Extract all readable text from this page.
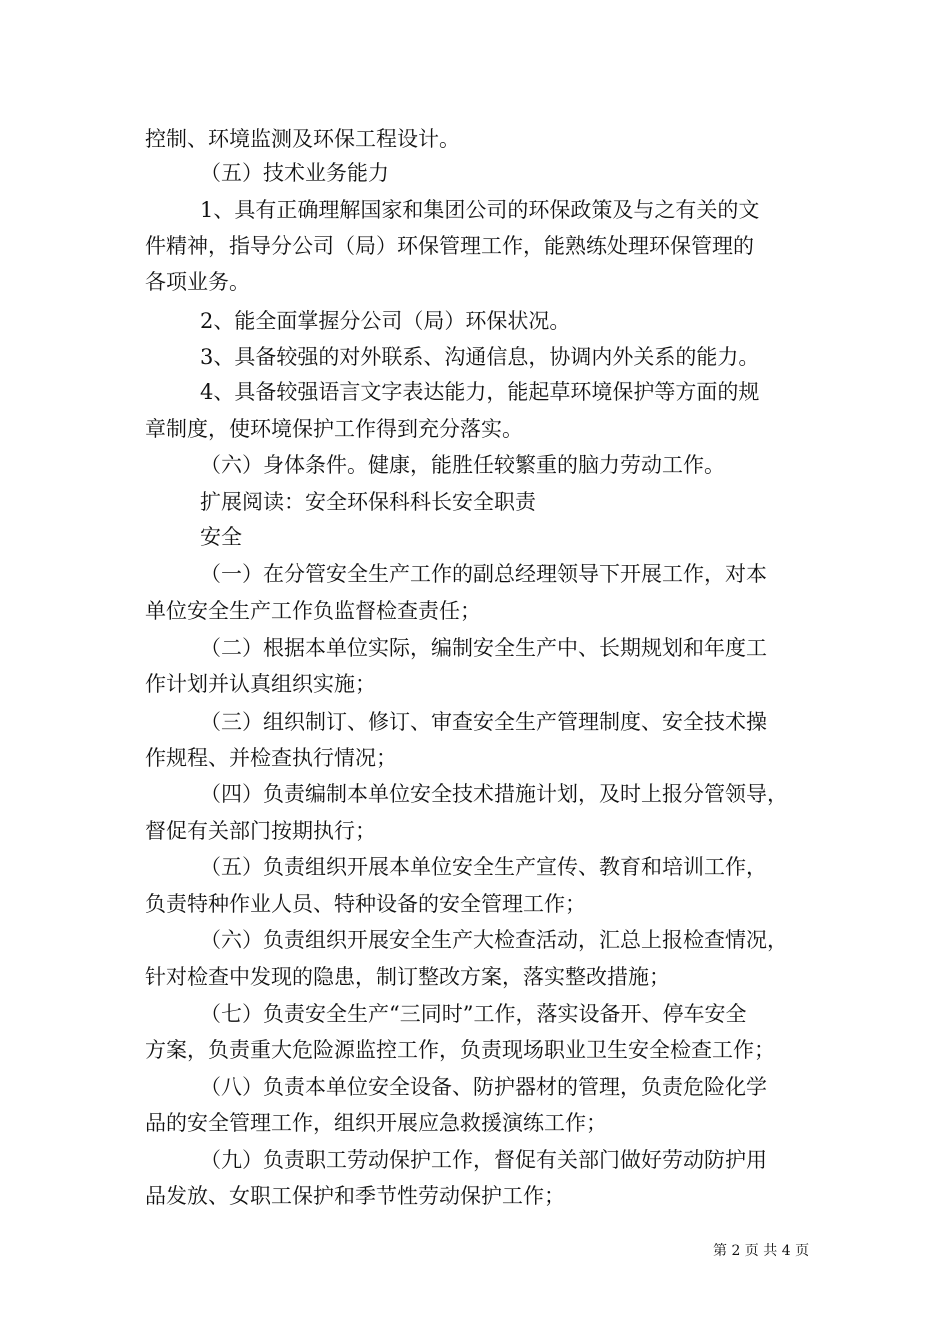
控制、环境监测及环保工程设计。
（五）技术业务能力
1、具有正确理解国家和集团公司的环保政策及与之有关的文
件精神，指导分公司（局）环保管理工作，能熟练处理环保管理的
各项业务。
2、能全面掌握分公司（局）环保状况。
3、具备较强的对外联系、沟通信息，协调内外关系的能力。
4、具备较强语言文字表达能力，能起草环境保护等方面的规
章制度，使环境保护工作得到充分落实。
（六）身体条件。健康，能胜任较繁重的脑力劳动工作。
扩展阅读：安全环保科科长安全职责
安全
（一）在分管安全生产工作的副总经理领导下开展工作，对本
单位安全生产工作负监督检查责任；
（二）根据本单位实际，编制安全生产中、长期规划和年度工
作计划并认真组织实施；
（三）组织制订、修订、审查安全生产管理制度、安全技术操
作规程、并检查执行情况；
（四）负责编制本单位安全技术措施计划，及时上报分管领导，
督促有关部门按期执行；
（五）负责组织开展本单位安全生产宣传、教育和培训工作，
负责特种作业人员、特种设备的安全管理工作；
（六）负责组织开展安全生产大检查活动，汇总上报检查情况，
针对检查中发现的隐患，制订整改方案，落实整改措施；
（七）负责安全生产“三同时”工作，落实设备开、停车安全
方案，负责重大危险源监控工作，负责现场职业卫生安全检查工作；
（八）负责本单位安全设备、防护器材的管理，负责危险化学
品的安全管理工作，组织开展应急救援演练工作；
（九）负责职工劳动保护工作，督促有关部门做好劳动防护用
品发放、女职工保护和季节性劳动保护工作；
第 2 页 共 4 页
